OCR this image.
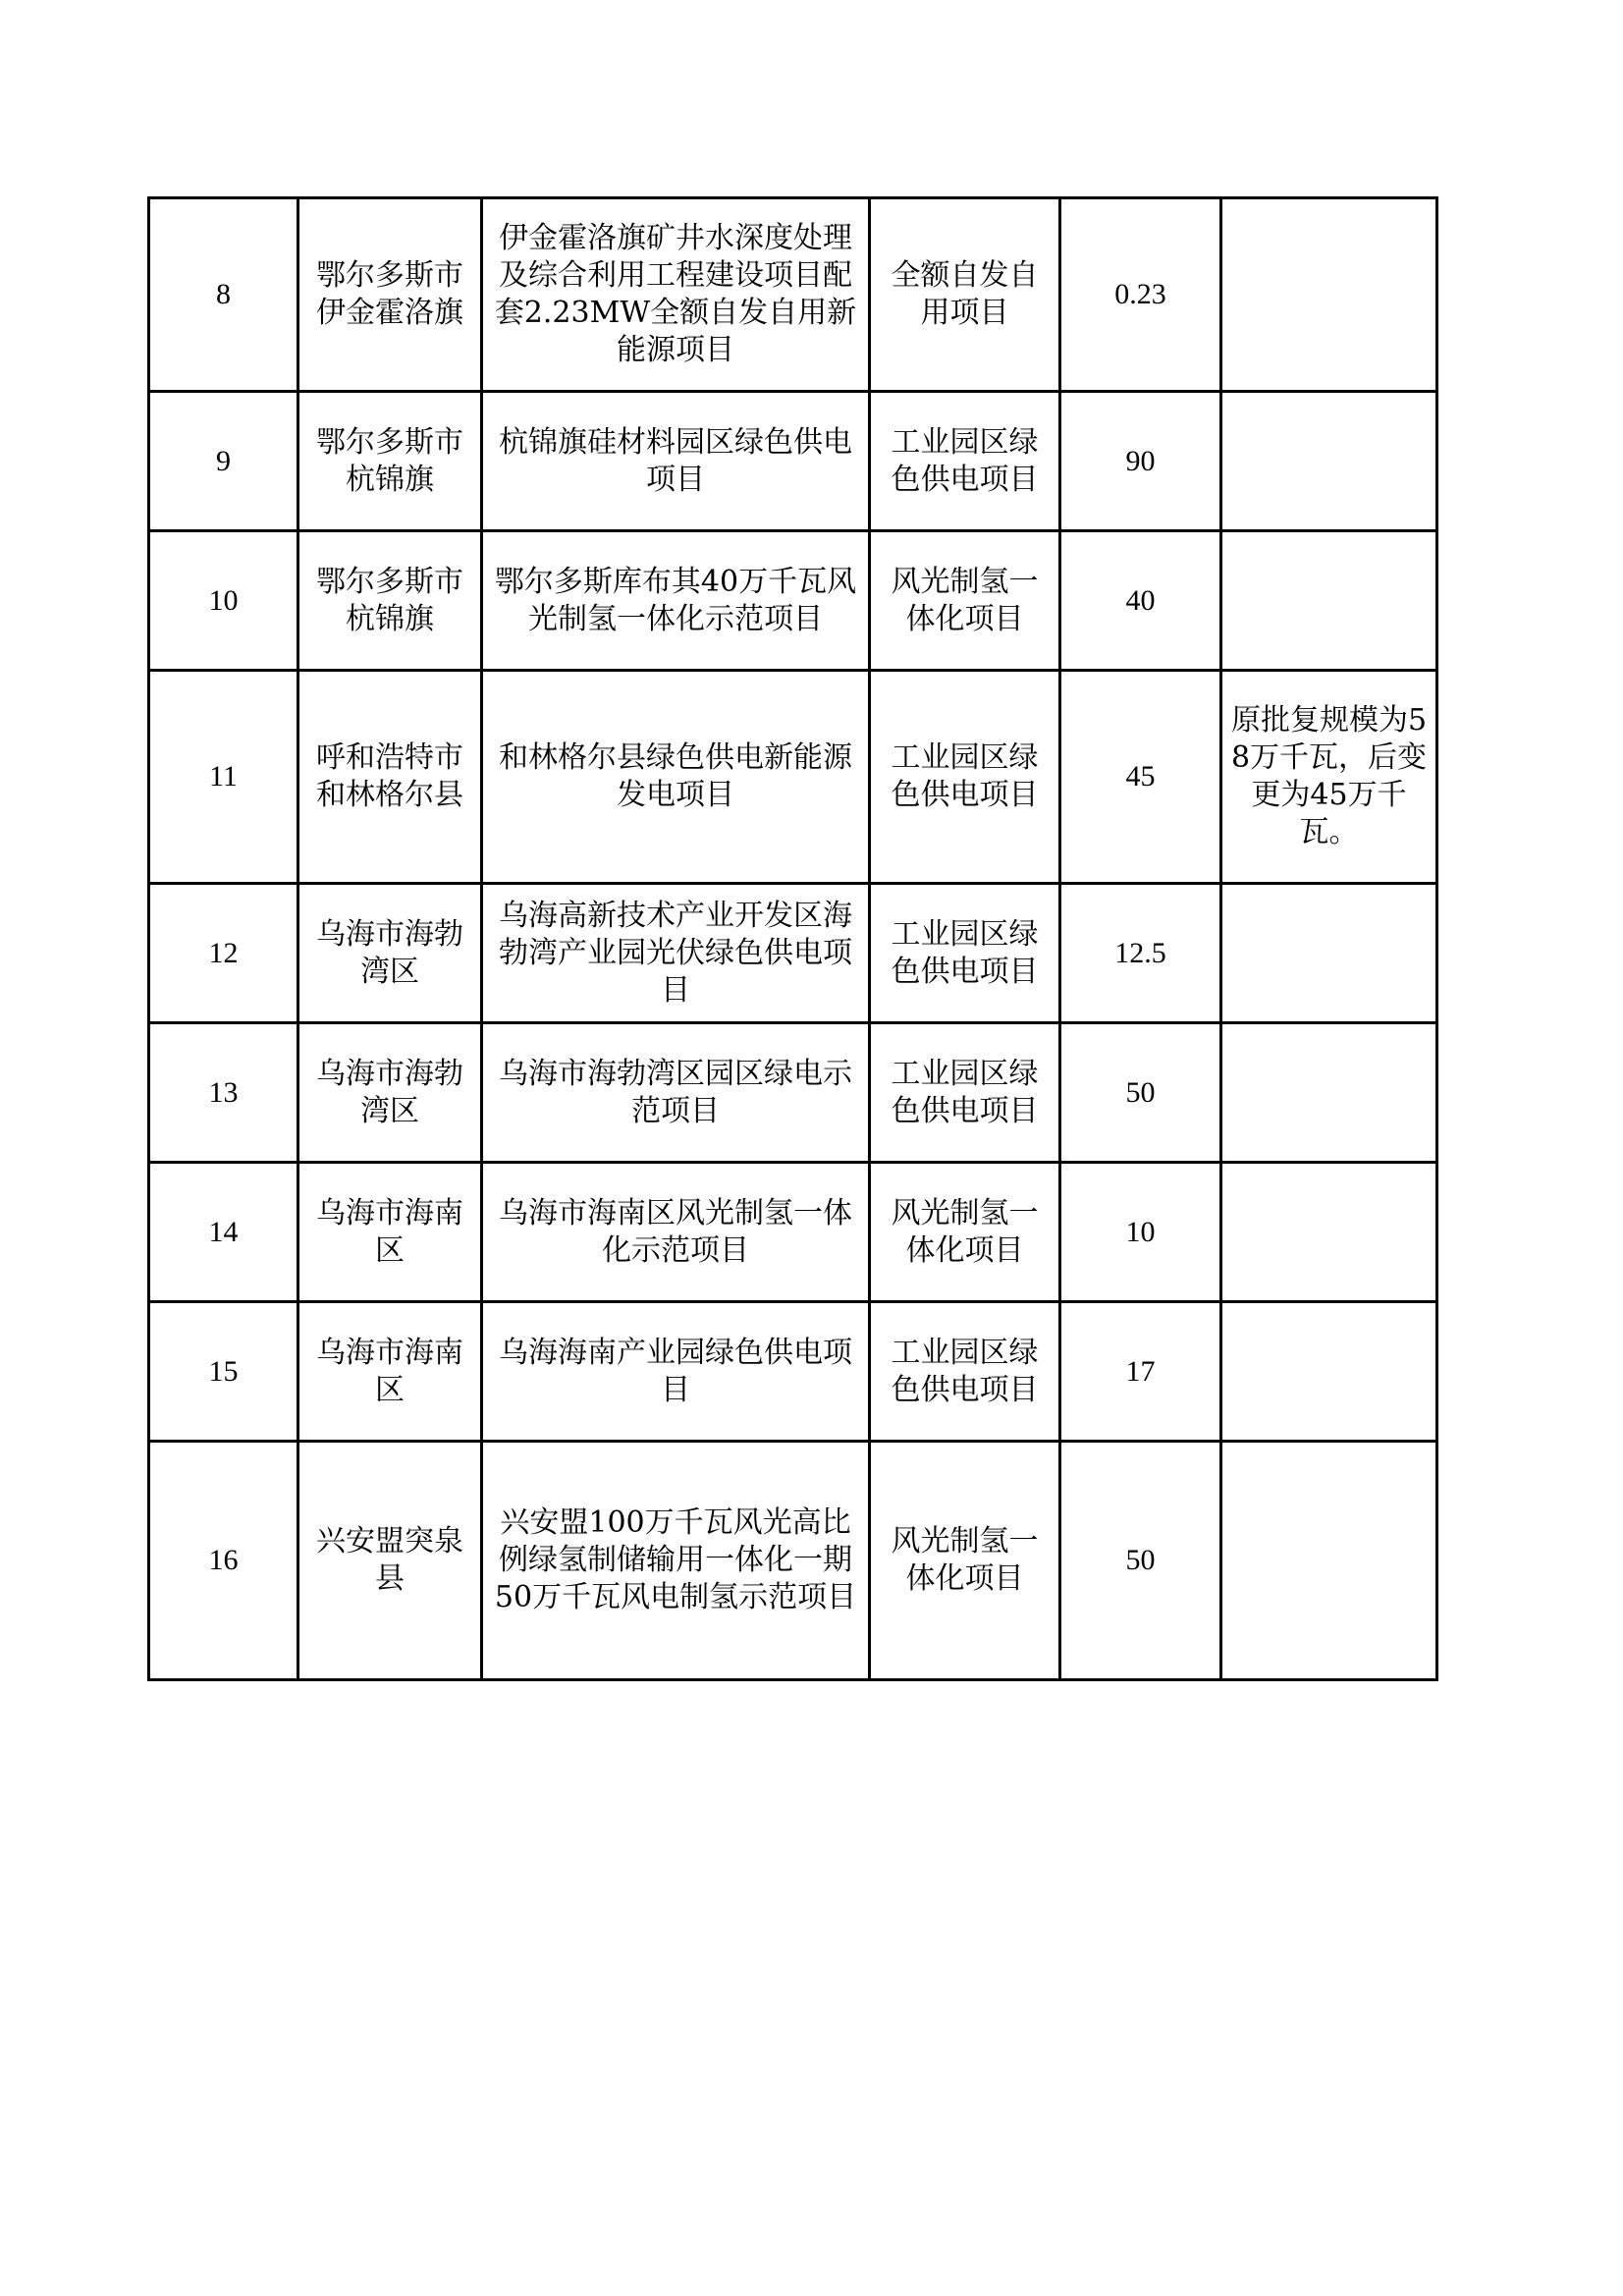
8	鄂尔多斯市伊金霍洛旗	伊金霍洛旗矿井水深度处理及综合利用工程建设项目配套2.23MW全额自发自用新能源项目	全额自发自用项目	0.23	
9	鄂尔多斯市杭锦旗	杭锦旗硅材料园区绿色供电项目	工业园区绿色供电项目	90	
10	鄂尔多斯市杭锦旗	鄂尔多斯库布其40万千瓦风光制氢一体化示范项目	风光制氢一体化项目	40	
11	呼和浩特市和林格尔县	和林格尔县绿色供电新能源发电项目	工业园区绿色供电项目	45	原批复规模为58万千瓦，后变更为45万千瓦。
12	乌海市海勃湾区	乌海高新技术产业开发区海勃湾产业园光伏绿色供电项目	工业园区绿色供电项目	12.5	
13	乌海市海勃湾区	乌海市海勃湾区园区绿电示范项目	工业园区绿色供电项目	50	
14	乌海市海南区	乌海市海南区风光制氢一体化示范项目	风光制氢一体化项目	10	
15	乌海市海南区	乌海海南产业园绿色供电项目	工业园区绿色供电项目	17	
16	兴安盟突泉县	兴安盟100万千瓦风光高比例绿氢制储输用一体化一期50万千瓦风电制氢示范项目	风光制氢一体化项目	50	
